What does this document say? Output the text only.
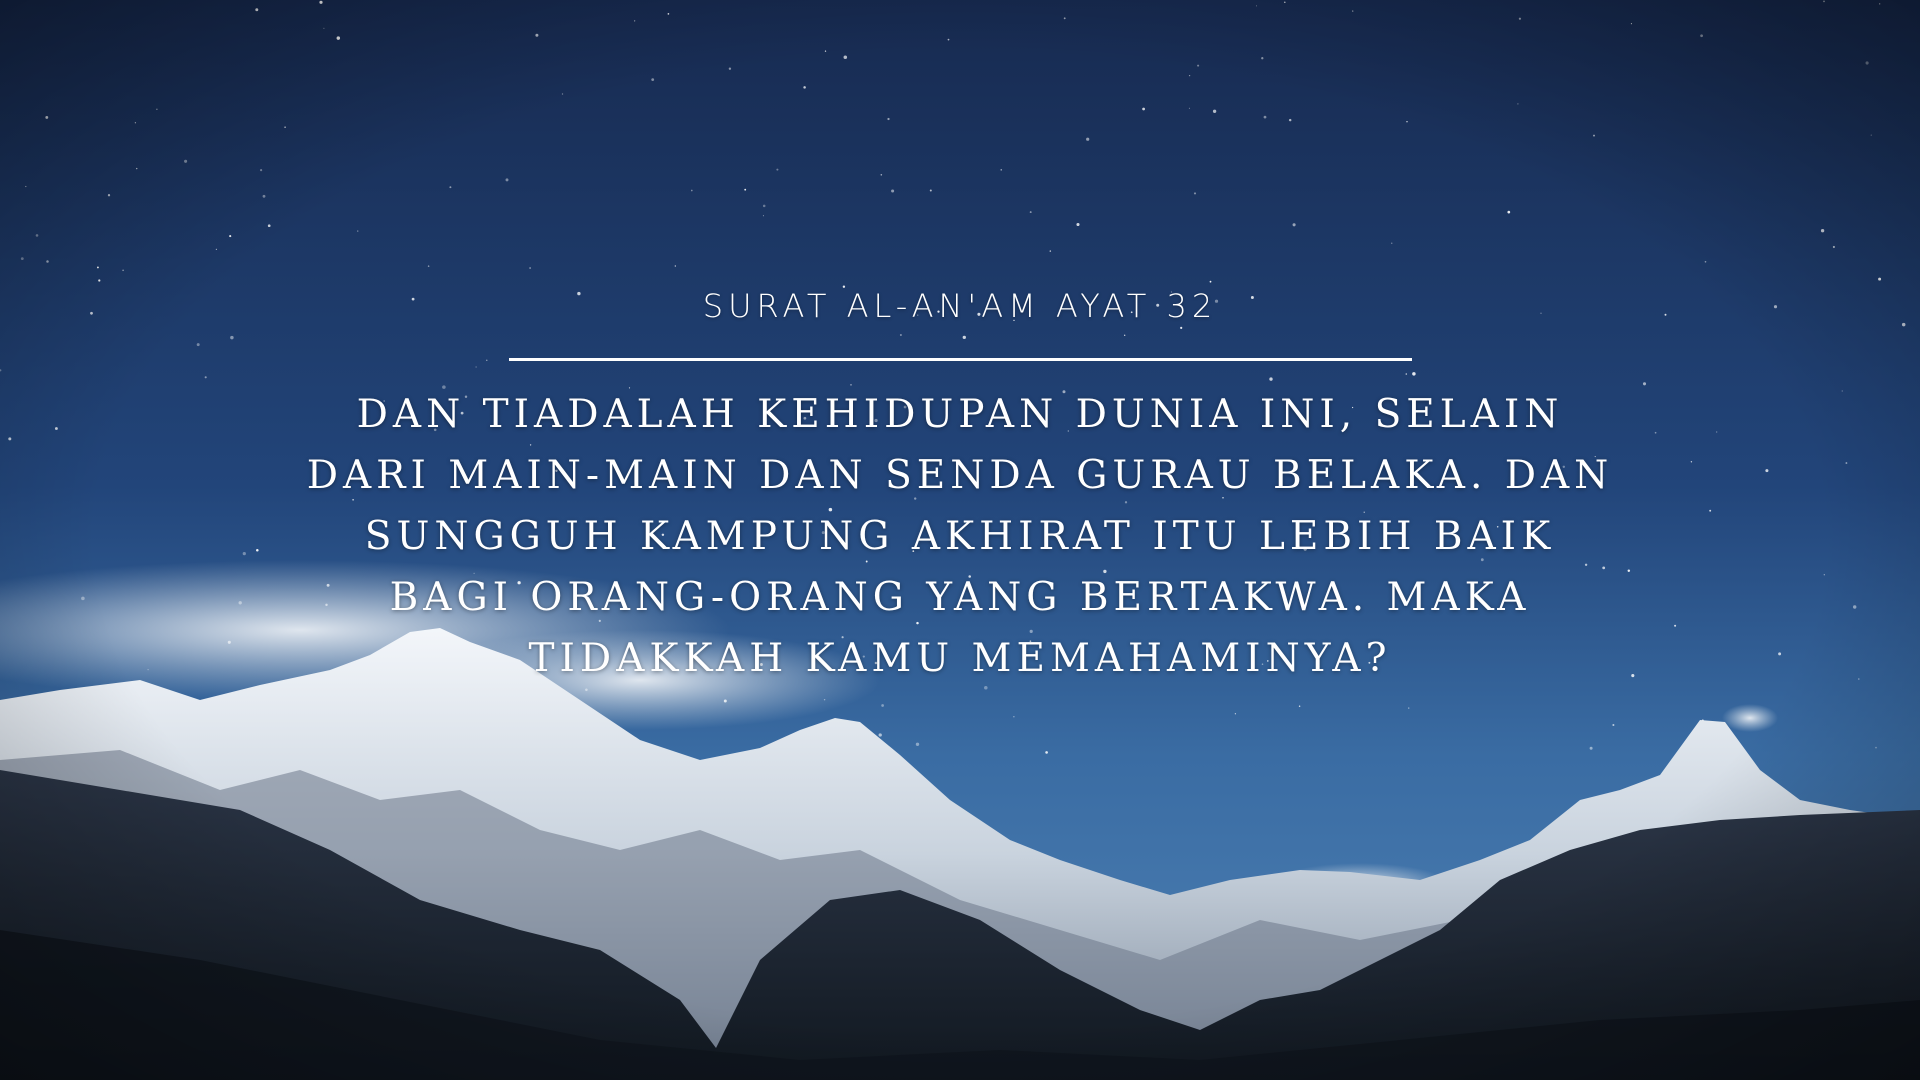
SURAT AL-AN'AM AYAT 32
DAN TIADALAH KEHIDUPAN DUNIA INI, SELAIN DARI MAIN-MAIN DAN SENDA GURAU BELAKA. DAN SUNGGUH KAMPUNG AKHIRAT ITU LEBIH BAIK BAGI ORANG-ORANG YANG BERTAKWA. MAKA TIDAKKAH KAMU MEMAHAMINYA?
